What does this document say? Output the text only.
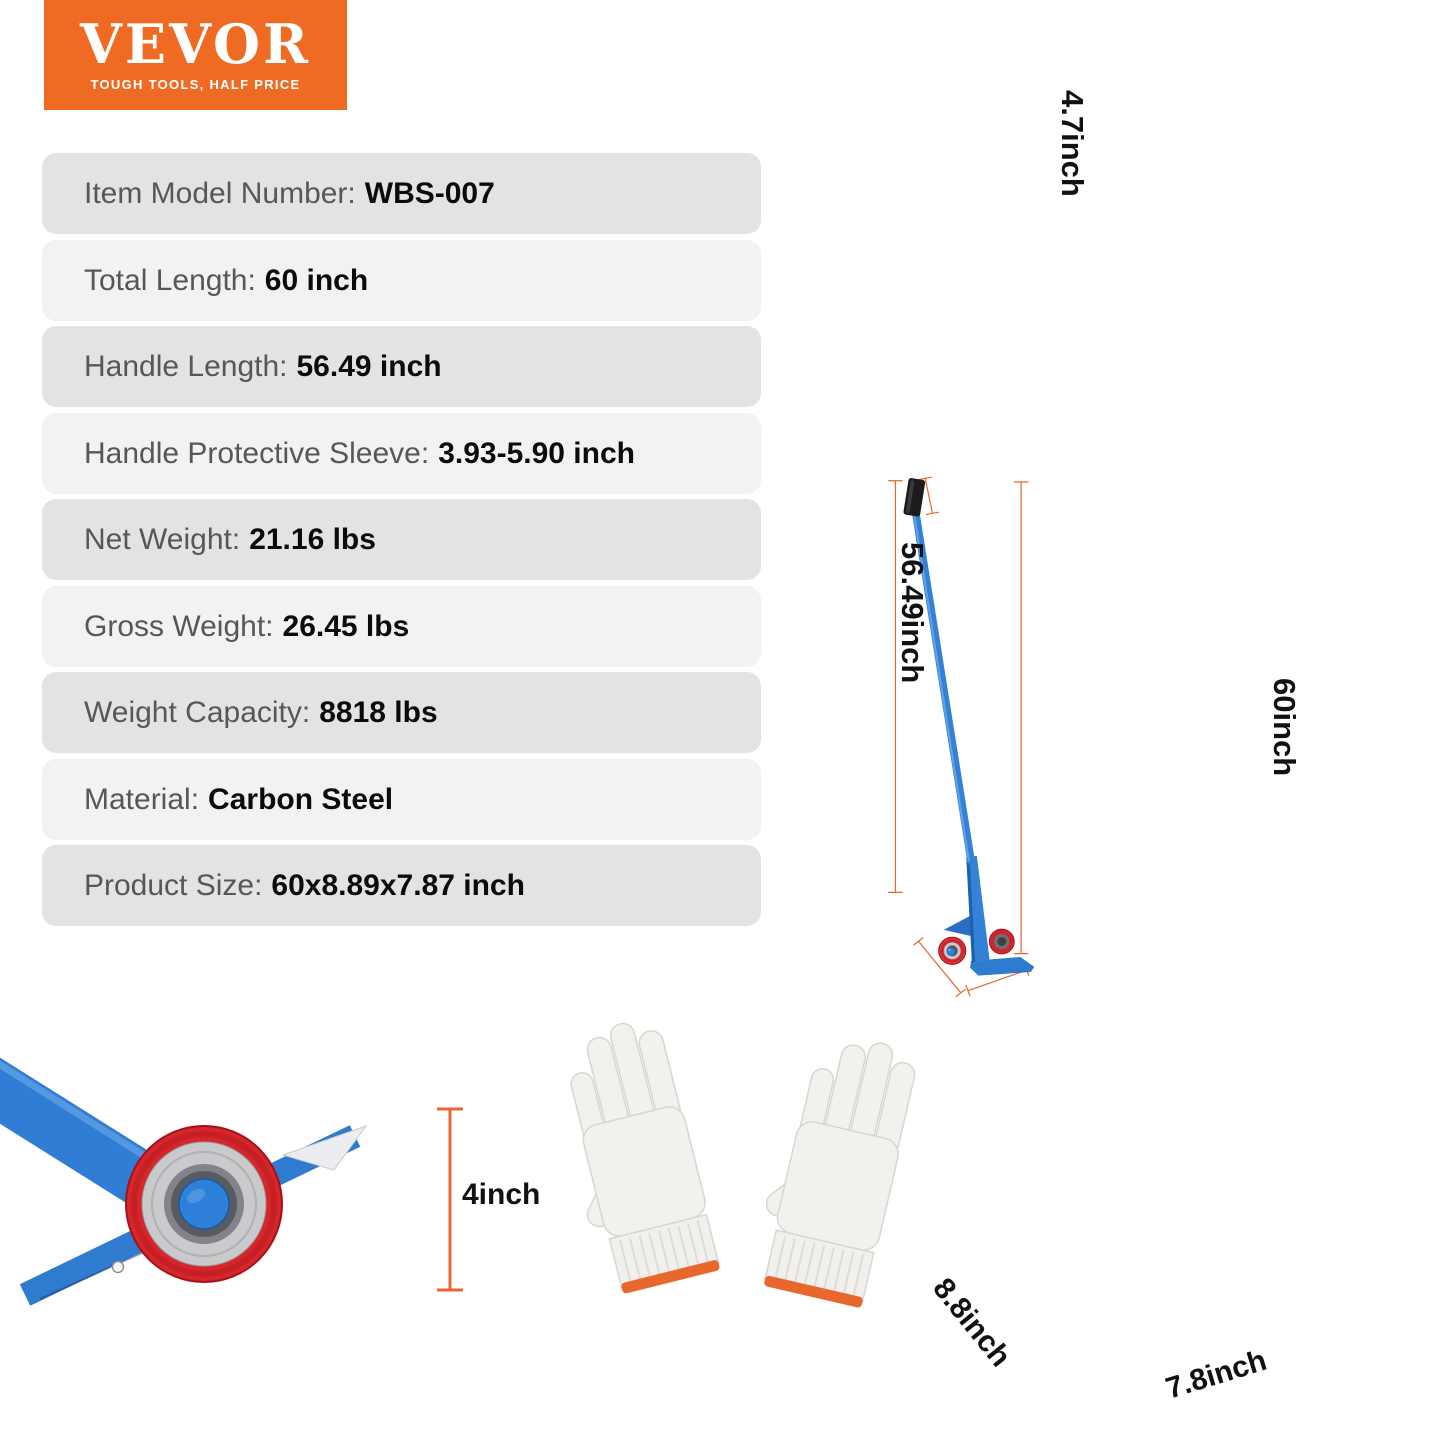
VEVOR
TOUGH TOOLS, HALF PRICE
Item Model Number: WBS-007
Total Length: 60 inch
Handle Length: 56.49 inch
Handle Protective Sleeve: 3.93-5.90 inch
Net Weight: 21.16 lbs
Gross Weight: 26.45 lbs
Weight Capacity: 8818 lbs
Material: Carbon Steel
Product Size: 60x8.89x7.87 inch
4.7inch
56.49inch
60inch
8.8inch
7.8inch
4inch
